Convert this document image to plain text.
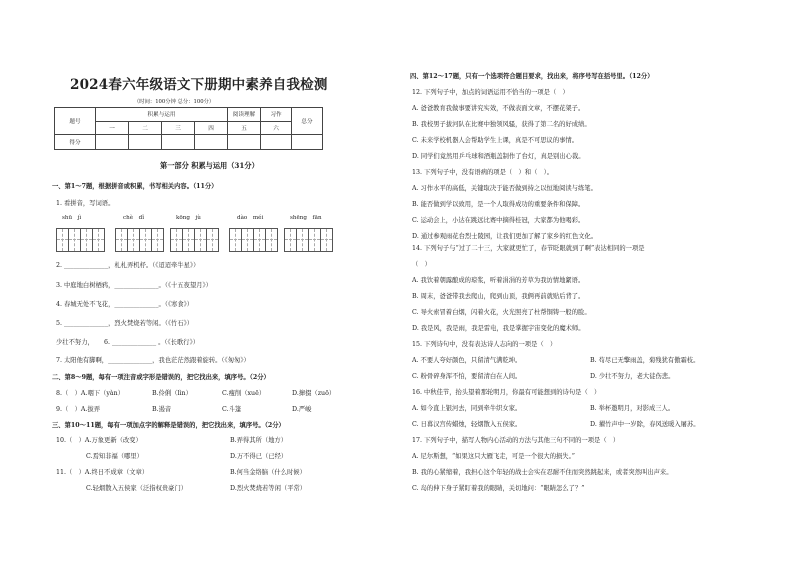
2024春六年级语文下册期中素养自我检测
（时间：100分钟 总分：100分）
题号	积累与运用				阅读理解	习作	总分
	一	二	三	四	五	六	
得分							
第一部分 积累与运用（31分）
一、第1～7题，根据拼音或积累，书写相关内容。（11分）
1. 看拼音，写词语。
shū　jì	chè　dǐ	kōng　jù	dào　méi	shēng　fān
2. ______________，札札弄机杼。（《迢迢牵牛星》）
3. 中庭地白树栖鸦，______________。（《十五夜望月》）
4. 春城无处不飞花，______________。（《寒食》）
5. ______________，烈火焚烧若等闲。（《竹石》）
少壮不努力， 6. ______________ 。（《长歌行》）
7. 太阳他有脚啊，______________，我也茫茫然跟着旋转。（《匆匆》）
二、第8～9题，每有一项注音或字形是错误的，把它找出来，填序号。（2分）
8.（　）A.咽下（yàn）	B.伶俐（lìn）	C.瘦削（xuē）	D.撺掇（zuō）
9.（　）A.拔弄	B.遏音	C.斗篷	D.严峻
三、第10～11题，每有一项加点字的解释是错误的，把它找出来，填序号。（2分）
10.（　）A.万象更新（改变）	B.弄得其所（地方）
C.焉知非福（哪里）	D.万不得已（已经）
11.（　）A.终日不成章（文章）	B.何当金络脑（什么时候）
C.轻烟散入五侯家（泛指权贵豪门）	D.烈火焚烧若等闲（平常）
四、第12～17题，只有一个选项符合题目要求，找出来，将序号写在括号里。（12分）
12. 下列句子中，加点的词语运用不恰当的一项是（　）
A. 爸爸教育我做事要讲究实效，不做表面文章，不摆花架子。
B. 我校男子拔河队在比赛中独领风骚，获得了第二名的好成绩。
C. 未来学校机器人会帮助学生上课，真是不可思议的事情。
D. 同学们竟然用乒乓球和酒瓶盖制作了台灯，真是别出心裁。
13. 下列句子中，没有语病的项是（　）和（　）。
A. 习作水平的高低，关键取决于能否做到持之以恒地阅读与练笔。
B. 能否做到学以致用，是一个人取得成功的重要条件和保障。
C. 运动会上，小达在跳远比赛中摘得桂冠，大家都为他喝彩。
D. 通过参观雨花台烈士陵园，让我们更加了解了家乡的红色文化。
14. 下列句子与“过了二十三，大家就更忙了，春节眨眼就到了啊”表达相同的一项是
（　）
A. 我饮着朝露酿成的琼浆，听着涓涓的芳草为我访情地絮语。
B. 周末，爸爸带我去爬山，爬到山顶，我俩再前就贴后背了。
C. 导火索冒着白烟，闪着火花，火光照亮了杜帮铜铸一般的脸。
D. 我是风，我是雨，我是雷电，我是掌握宇宙变化的魔术师。
15. 下列诗句中，没有表达诗人志向的一项是（　）
A. 不要人夸好颜色，只留清气满乾坤。	B. 苟尽已无擎雨盖，菊残犹有傲霜枝。
C. 粉骨碎身浑不怕，要留清白在人间。	D. 少壮不努力，老大徒伤悲。
16. 中秋佳节，抬头望着那轮明月，你最有可能想到的诗句是（　）
A. 如今直上银河去，同到牵牛织女家。	B. 举杯邀明月，对影成三人。
C. 日暮汉宫传蜡烛，轻烟散入五侯家。	D. 擢竹声中一岁除，春风送暖入屠苏。
17. 下列句子中，描写人物内心活动的方法与其他三句不同的一项是（　）
A. 尼尔斯想，“如果这只大雁飞走，可是一个很大的损失。”
B. 我的心紧缩着，我担心这个年轻的战士会实在忍耐不住而突然跳起来，或者突然叫出声来。
C. 岛的伸下身子紧盯着我的眼睛，关切地问：“眼睛怎么了？”
